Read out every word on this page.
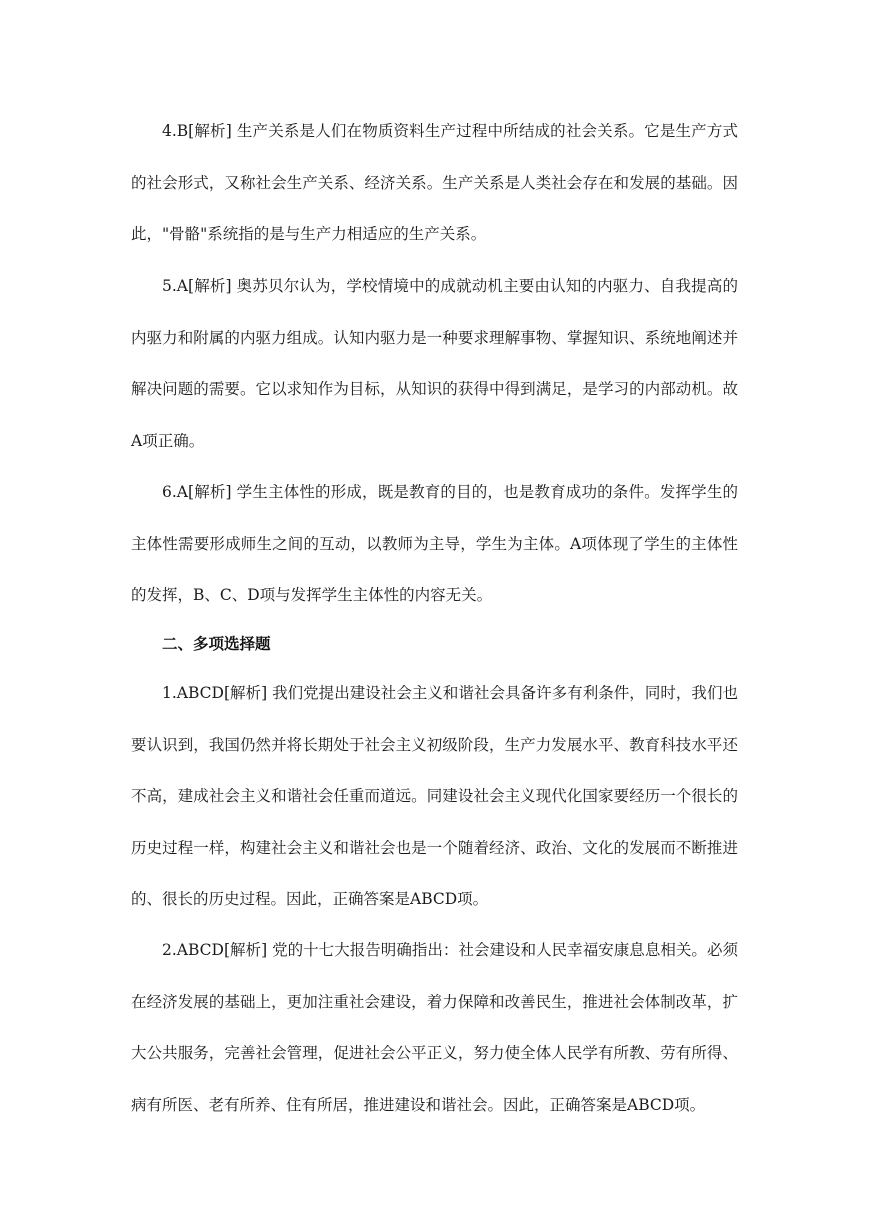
4.B[解析] 生产关系是人们在物质资料生产过程中所结成的社会关系。它是生产方式的社会形式，又称社会生产关系、经济关系。生产关系是人类社会存在和发展的基础。因此，"骨骼"系统指的是与生产力相适应的生产关系。

5.A[解析] 奥苏贝尔认为，学校情境中的成就动机主要由认知的内驱力、自我提高的内驱力和附属的内驱力组成。认知内驱力是一种要求理解事物、掌握知识、系统地阐述并解决问题的需要。它以求知作为目标，从知识的获得中得到满足，是学习的内部动机。故A项正确。

6.A[解析] 学生主体性的形成，既是教育的目的，也是教育成功的条件。发挥学生的主体性需要形成师生之间的互动，以教师为主导，学生为主体。A项体现了学生的主体性的发挥，B、C、D项与发挥学生主体性的内容无关。

二、多项选择题

1.ABCD[解析] 我们党提出建设社会主义和谐社会具备许多有利条件，同时，我们也要认识到，我国仍然并将长期处于社会主义初级阶段，生产力发展水平、教育科技水平还不高，建成社会主义和谐社会任重而道远。同建设社会主义现代化国家要经历一个很长的历史过程一样，构建社会主义和谐社会也是一个随着经济、政治、文化的发展而不断推进的、很长的历史过程。因此，正确答案是ABCD项。

2.ABCD[解析] 党的十七大报告明确指出：社会建设和人民幸福安康息息相关。必须在经济发展的基础上，更加注重社会建设，着力保障和改善民生，推进社会体制改革，扩大公共服务，完善社会管理，促进社会公平正义，努力使全体人民学有所教、劳有所得、病有所医、老有所养、住有所居，推进建设和谐社会。因此，正确答案是ABCD项。
